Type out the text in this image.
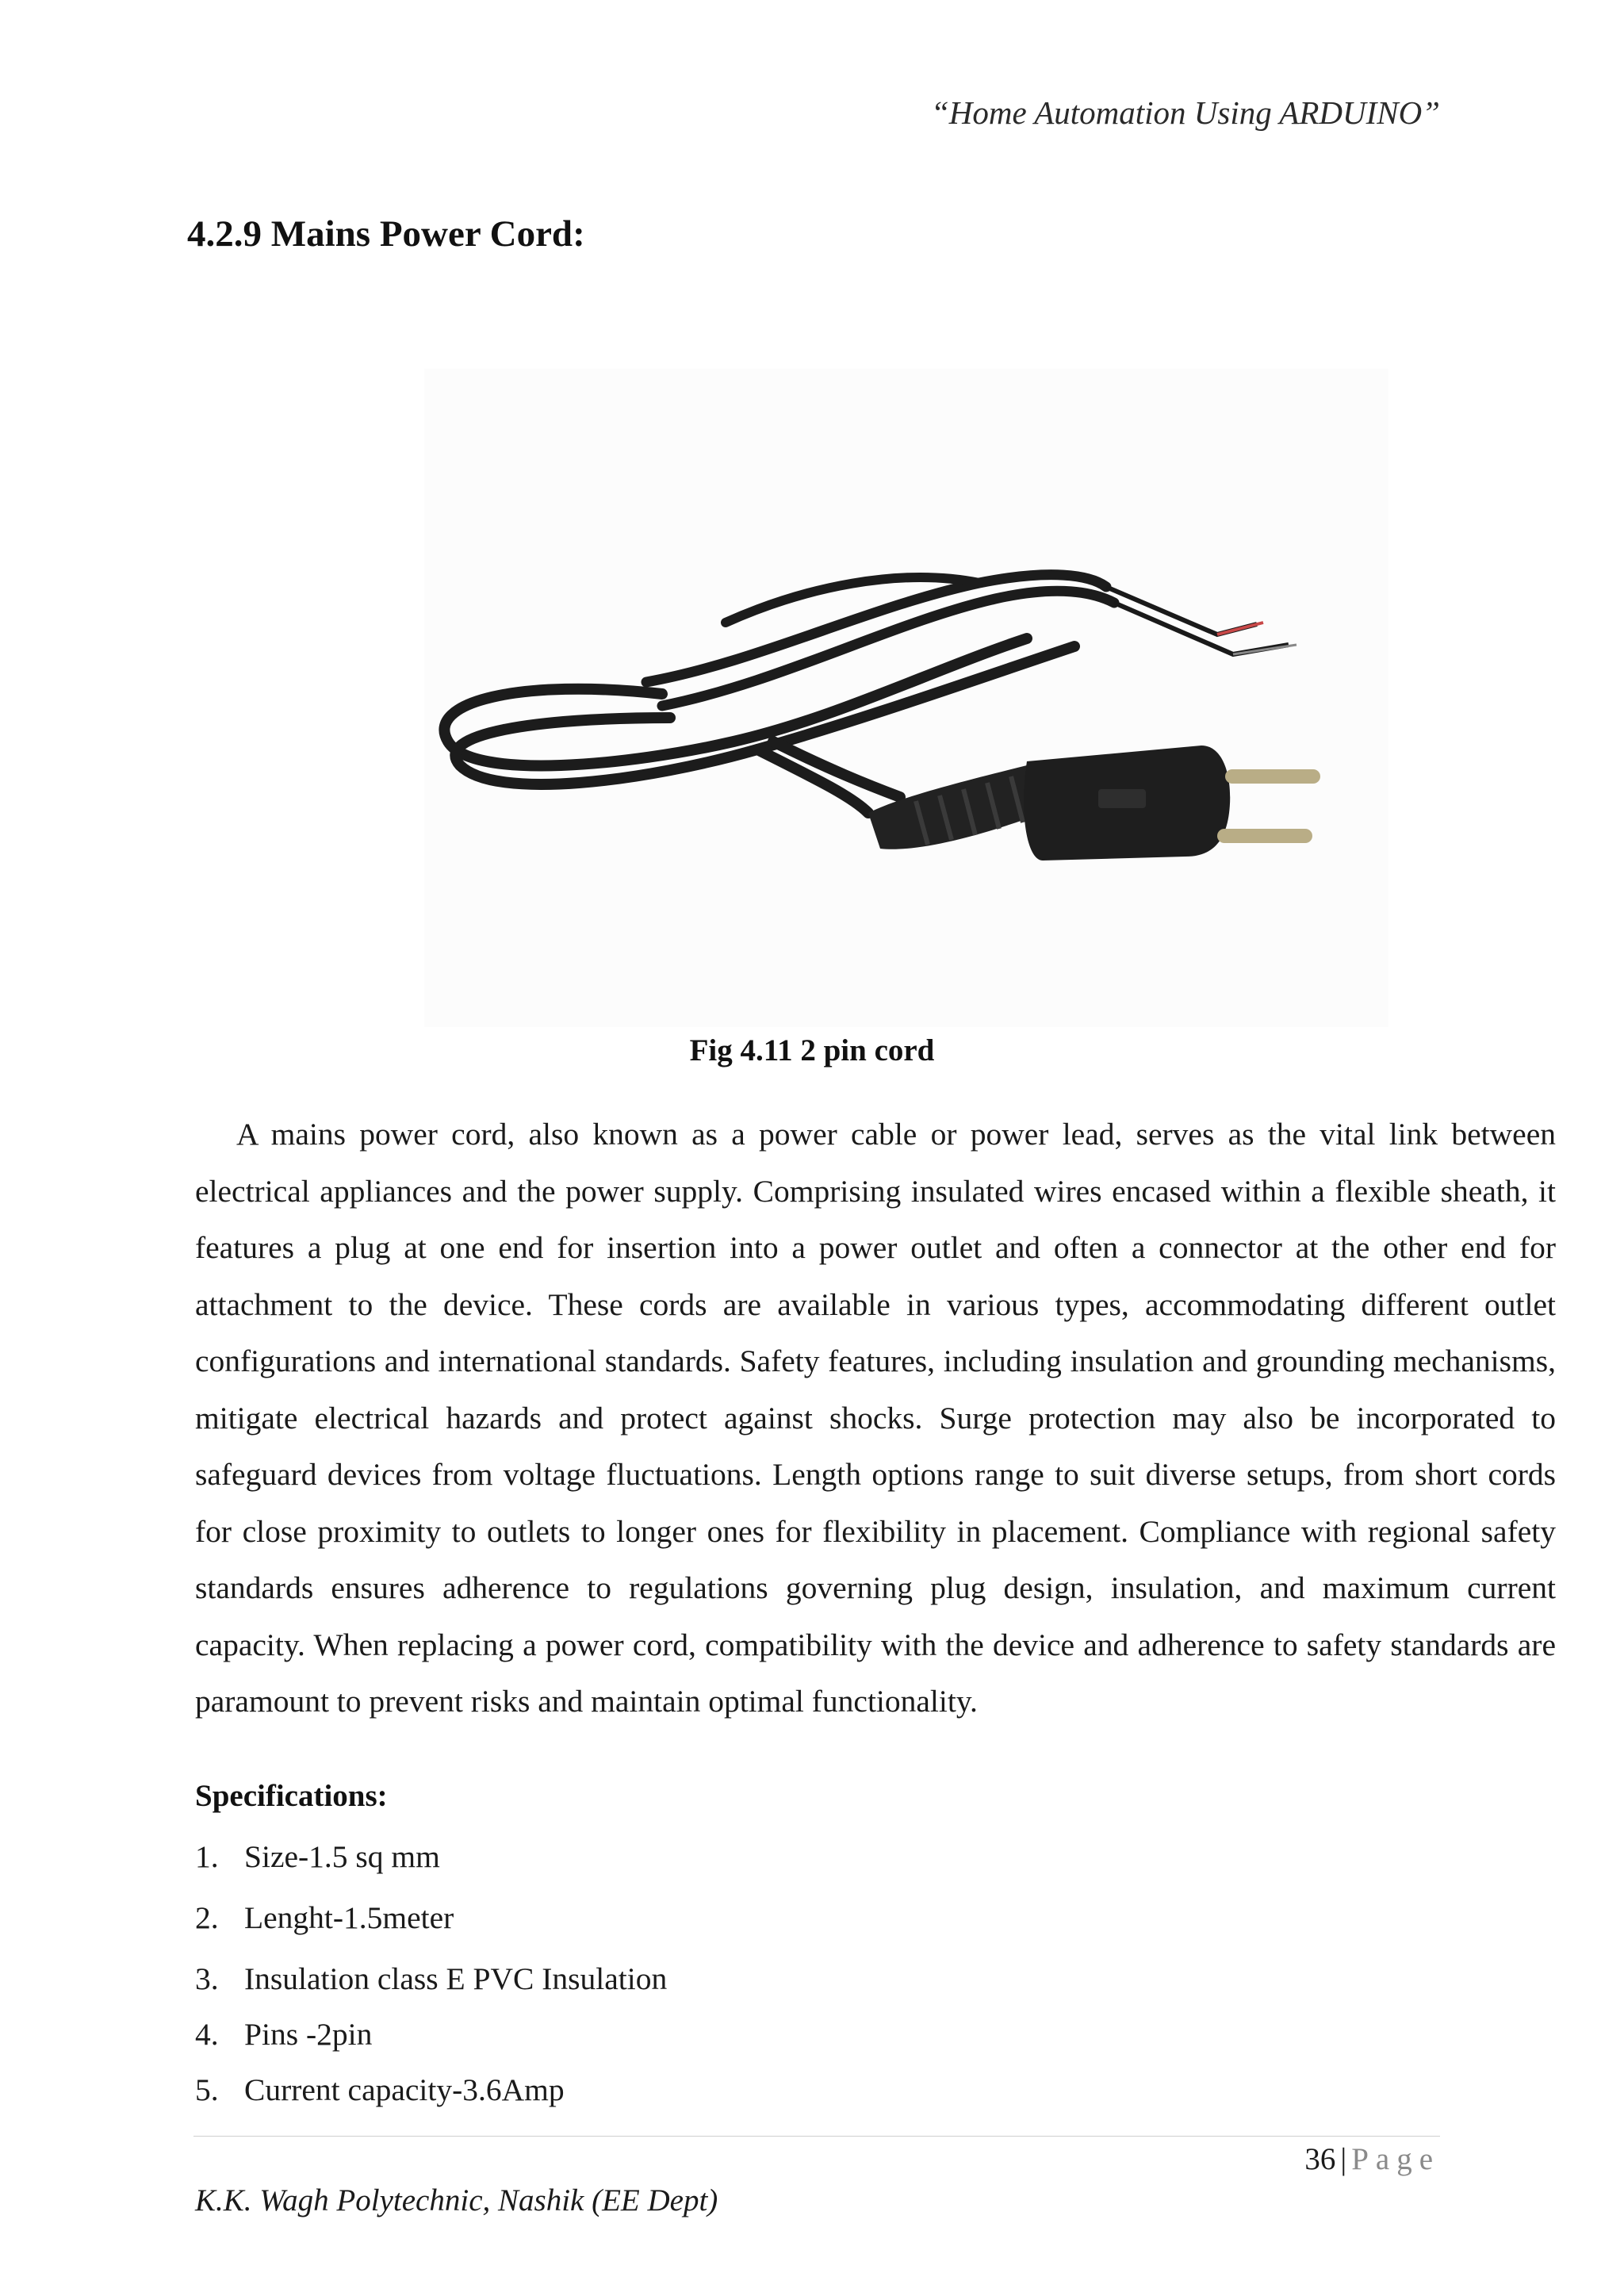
“Home Automation Using ARDUINO”
4.2.9 Mains Power Cord:
Fig 4.11 2 pin cord

A mains power cord, also known as a power cable or power lead, serves as the vital link between electrical appliances and the power supply. Comprising insulated wires encased within a flexible sheath, it features a plug at one end for insertion into a power outlet and often a connector at the other end for attachment to the device. These cords are available in various types, accommodating different outlet configurations and international standards. Safety features, including insulation and grounding mechanisms, mitigate electrical hazards and protect against shocks. Surge protection may also be incorporated to safeguard devices from voltage fluctuations. Length options range to suit diverse setups, from short cords for close proximity to outlets to longer ones for flexibility in placement. Compliance with regional safety standards ensures adherence to regulations governing plug design, insulation, and maximum current capacity. When replacing a power cord, compatibility with the device and adherence to safety standards are paramount to prevent risks and maintain optimal functionality.

Specifications:
1. Size-1.5 sq mm
2. Lenght-1.5meter
3. Insulation class E PVC Insulation
4. Pins -2pin
5. Current capacity-3.6Amp
36 | Page
K.K. Wagh Polytechnic, Nashik (EE Dept)
